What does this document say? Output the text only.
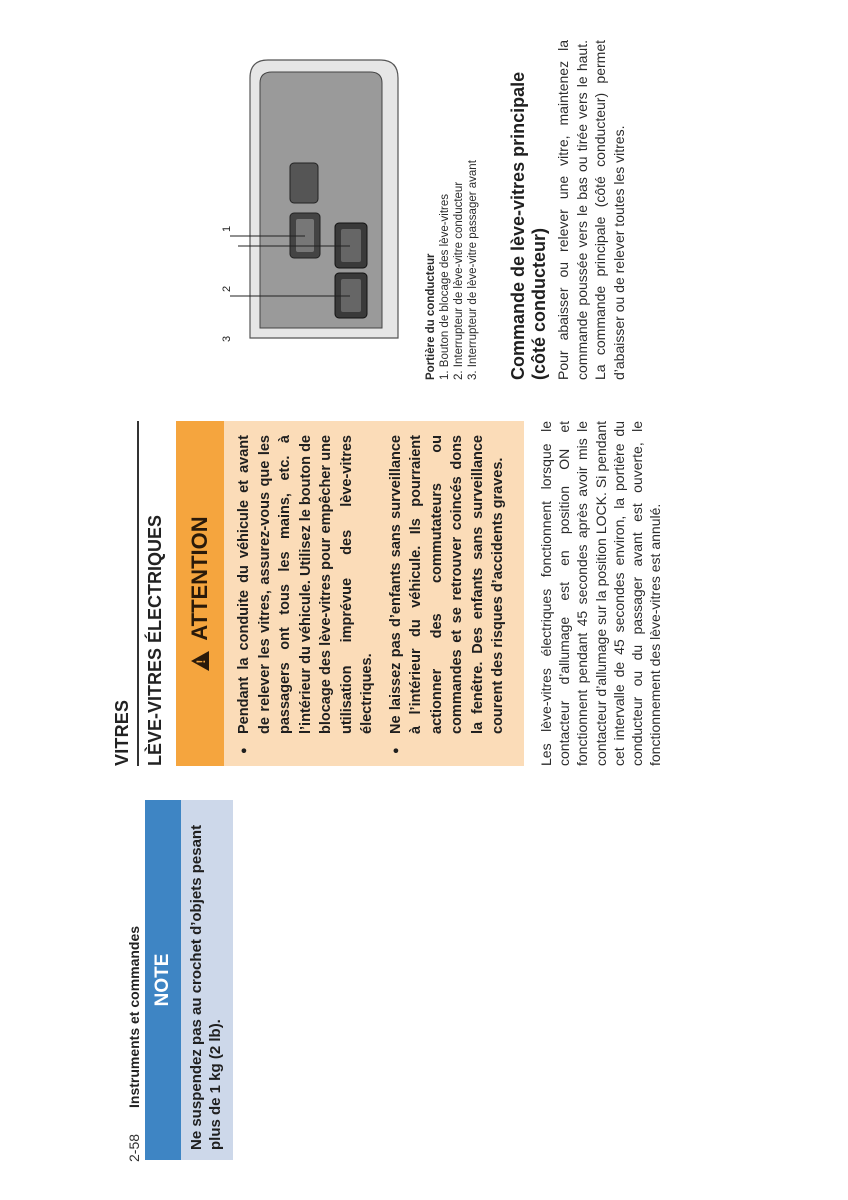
2-58
Instruments et commandes NOTE	Ne suspendez pas au crochet d’objets pesant plus de 1 kg (2 lb).
VITRES LÈVE-VITRES ÉLECTRIQUES
! ATTENTION ● Pendant la conduite du véhicule et avant de relever les vitres, assurez-vous que les passagers ont tous les mains, etc. à l’intérieur du véhicule. Utilisez le bouton de blocage des lève-vitres pour empêcher une utilisation imprévue des lève-vitres électriques. ● Ne laissez pas d’enfants sans surveillance à l’intérieur du véhicule. Ils pourraient actionner des commutateurs ou commandes et se retrouver coincés dons la fenêtre. Des enfants sans surveillance courent des risques d’accidents graves. Les lève-vitres électriques fonctionnent lorsque le contacteur d’allumage est en position ON et fonctionnent pendant 45 secondes après avoir mis le contacteur d’allumage sur la position LOCK. Si pendant cet intervalle de 45 secondes environ, la portière du conducteur ou du passager avant est ouverte, le fonctionnement des lève-vitres est annulé.
1
2
3	Portière du conducteur 1. Bouton de blocage des lève-vitres 2. Interrupteur de lève-vitre conducteur 3. Interrupteur de lève-vitre passager avant Commande de lève-vitres principale (côté conducteur) Pour abaisser ou relever une vitre, maintenez la commande poussée vers le bas ou tirée vers le haut. La commande principale (côté conducteur) permet d’abaisser ou de relever toutes les vitres.
